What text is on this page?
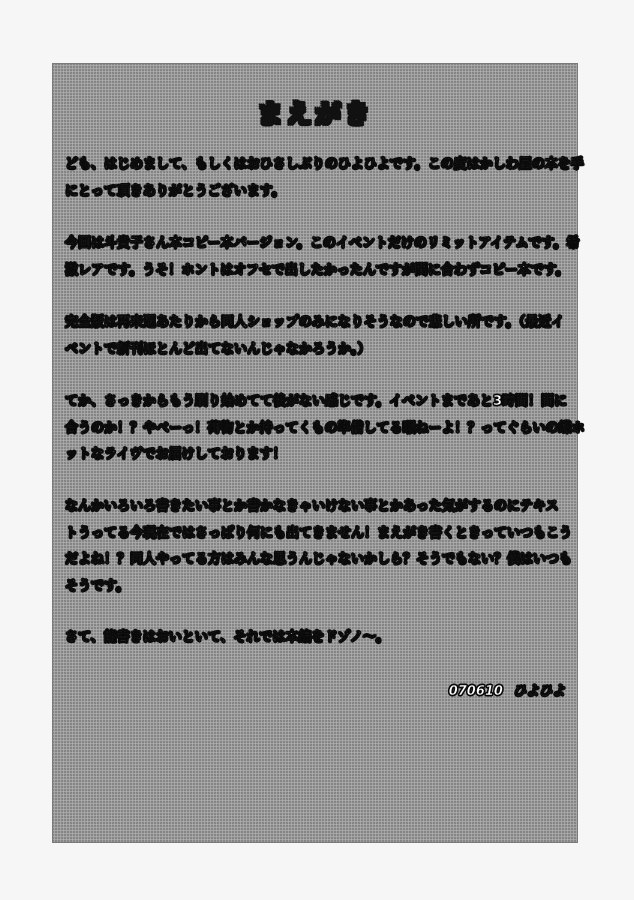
まえがき

ども、はじめまして、もしくはおひさしぶりのひよひよです。この度はかしわ屋の本を手
にとって頂きありがとうございます。

今回は斗貴子さん本コピー本バージョン。このイベントだけのリミットアイテムです。希
激レアです。うそ！ホントはオフセで出したかったんですが間に合わずコピー本です。

完全版は再来週あたりから同人ショップのみになりそうなので悲しい所です。（最近イ
ベントで新刊ほとんど出てないんじゃなかろうか。）

てか、さっきからもう刷り始めてて後がない感じです。イベントまであと3時間！間に
合うのか！？やべーっ！荷物とか持ってくもの準備してる暇ねーよ！？ってぐらいの蝶ホ
ットなライヴでお届けしております！

なんかいろいろ書きたい事とか書かなきゃいけない事とかあった気がするのにテキス
トうってる今現在ではさっぱり何にも出てきません！まえがき書くときっていつもこう
だよね！？同人やってる方はみんな思うんじゃないかしら？そうでもない？僕はいつも
そうです。

さて、能書きはおいといて、それでは本編をドゾノ～。

070610 ひよひよ
